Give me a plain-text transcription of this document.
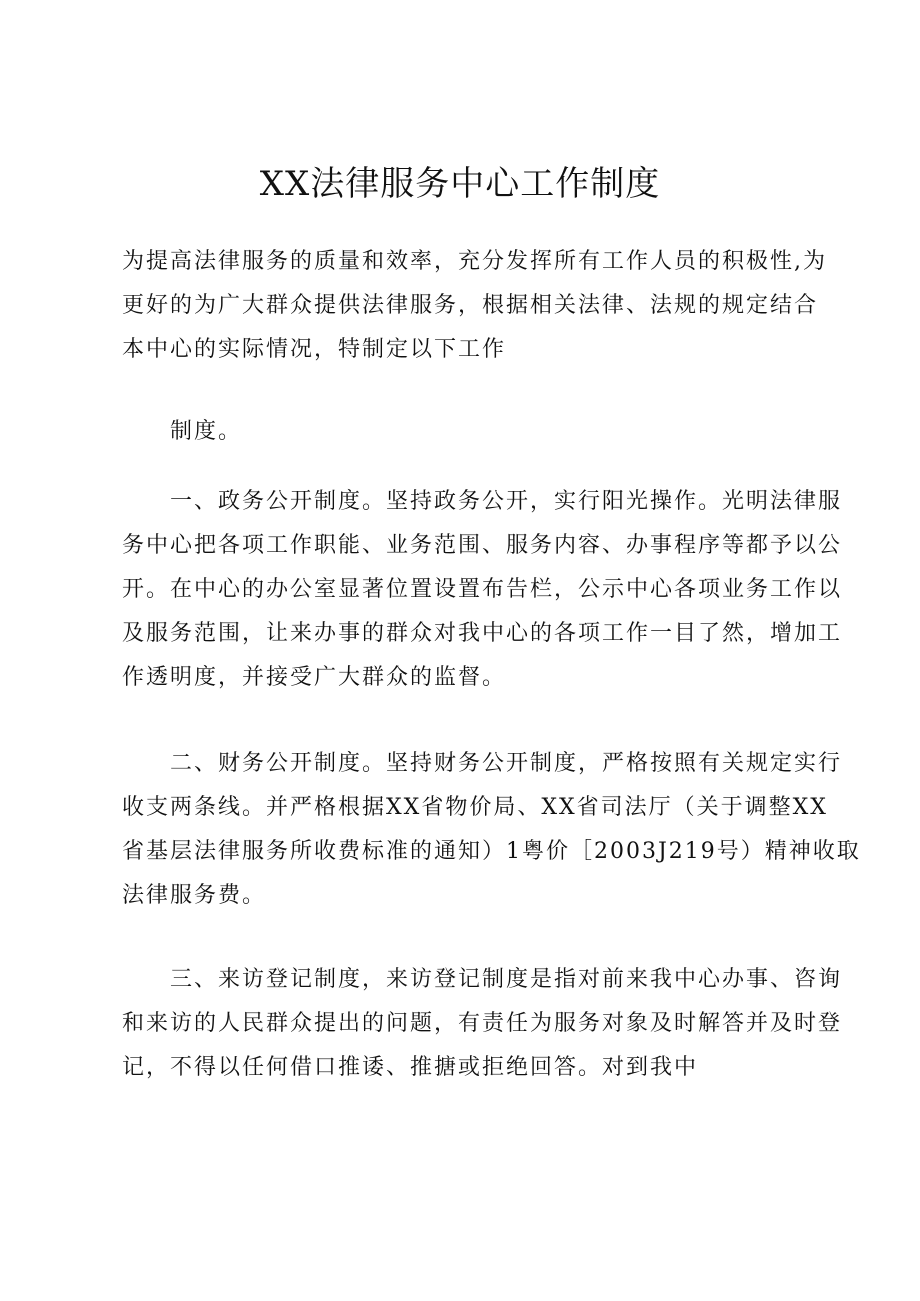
XX法律服务中心工作制度

为提高法律服务的质量和效率，充分发挥所有工作人员的积极性,为
更好的为广大群众提供法律服务，根据相关法律、法规的规定结合
本中心的实际情况，特制定以下工作

制度。

一、政务公开制度。坚持政务公开，实行阳光操作。光明法律服
务中心把各项工作职能、业务范围、服务内容、办事程序等都予以公
开。在中心的办公室显著位置设置布告栏，公示中心各项业务工作以
及服务范围，让来办事的群众对我中心的各项工作一目了然，增加工
作透明度，并接受广大群众的监督。

二、财务公开制度。坚持财务公开制度，严格按照有关规定实行
收支两条线。并严格根据XX省物价局、XX省司法厅（关于调整XX
省基层法律服务所收费标准的通知）1粤价［2003J219号）精神收取
法律服务费。

三、来访登记制度，来访登记制度是指对前来我中心办事、咨询
和来访的人民群众提出的问题，有责任为服务对象及时解答并及时登
记，不得以任何借口推诿、推搪或拒绝回答。对到我中
